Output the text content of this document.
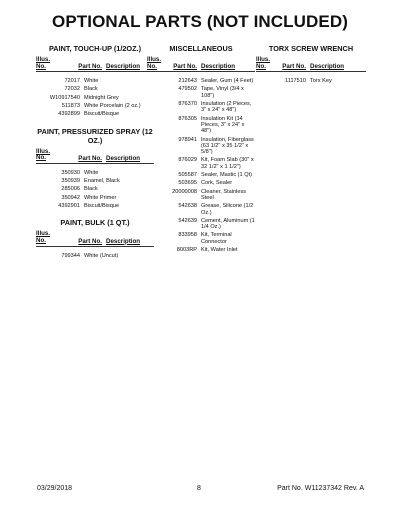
OPTIONAL PARTS (NOT INCLUDED)
PAINT, TOUCH-UP (1/2OZ.)
Illus.
No.	Part No. Description
72017 White
72032 Black
W10917540 Midnight Grey
511873 White Porcelain (2 oz.)
4392899 Biscuit/Bisque
PAINT, PRESSURIZED SPRAY (12 OZ.)
Illus.
No.	Part No. Description
350930 White
350939 Enamel, Black
285006 Black
350942 White Primer
4392901 Biscuit/Bisque
PAINT, BULK (1 QT.)
Illus.
No.	Part No. Description
799344 White (Uncut)
MISCELLANEOUS
Illus.
No.	Part No. Description
212643 Sealer, Gum (4 Feet)
479502 Tape, Vinyl (3/4 x 108")
876370 Insulation (2 Pieces, 3" x 24" x 48")
876305 Insulation Kit (14 Pieces, 3" x 24" x 48")
978941 Insulation, Fiberglass (63 1/2" x 35 1/2" x 5/8")
876029 Kit, Foam Slab (30" x 32 1/2" x 1 1/2")
505587 Sealer, Mastic (1 Qt)
503695 Cork, Sealer
20000008 Cleaner, Stainless Steel
542638 Grease, Silicone (1/2 Oz.)
542639 Cement, Aluminum (1 1/4 Oz.)
833958 Kit, Terminal Connector
8003RP Kit, Water Inlet
TORX SCREW WRENCH
Illus.
No.	Part No. Description
1117510 Torx Key
03/29/2018	8	Part No. W11237342 Rev. A
